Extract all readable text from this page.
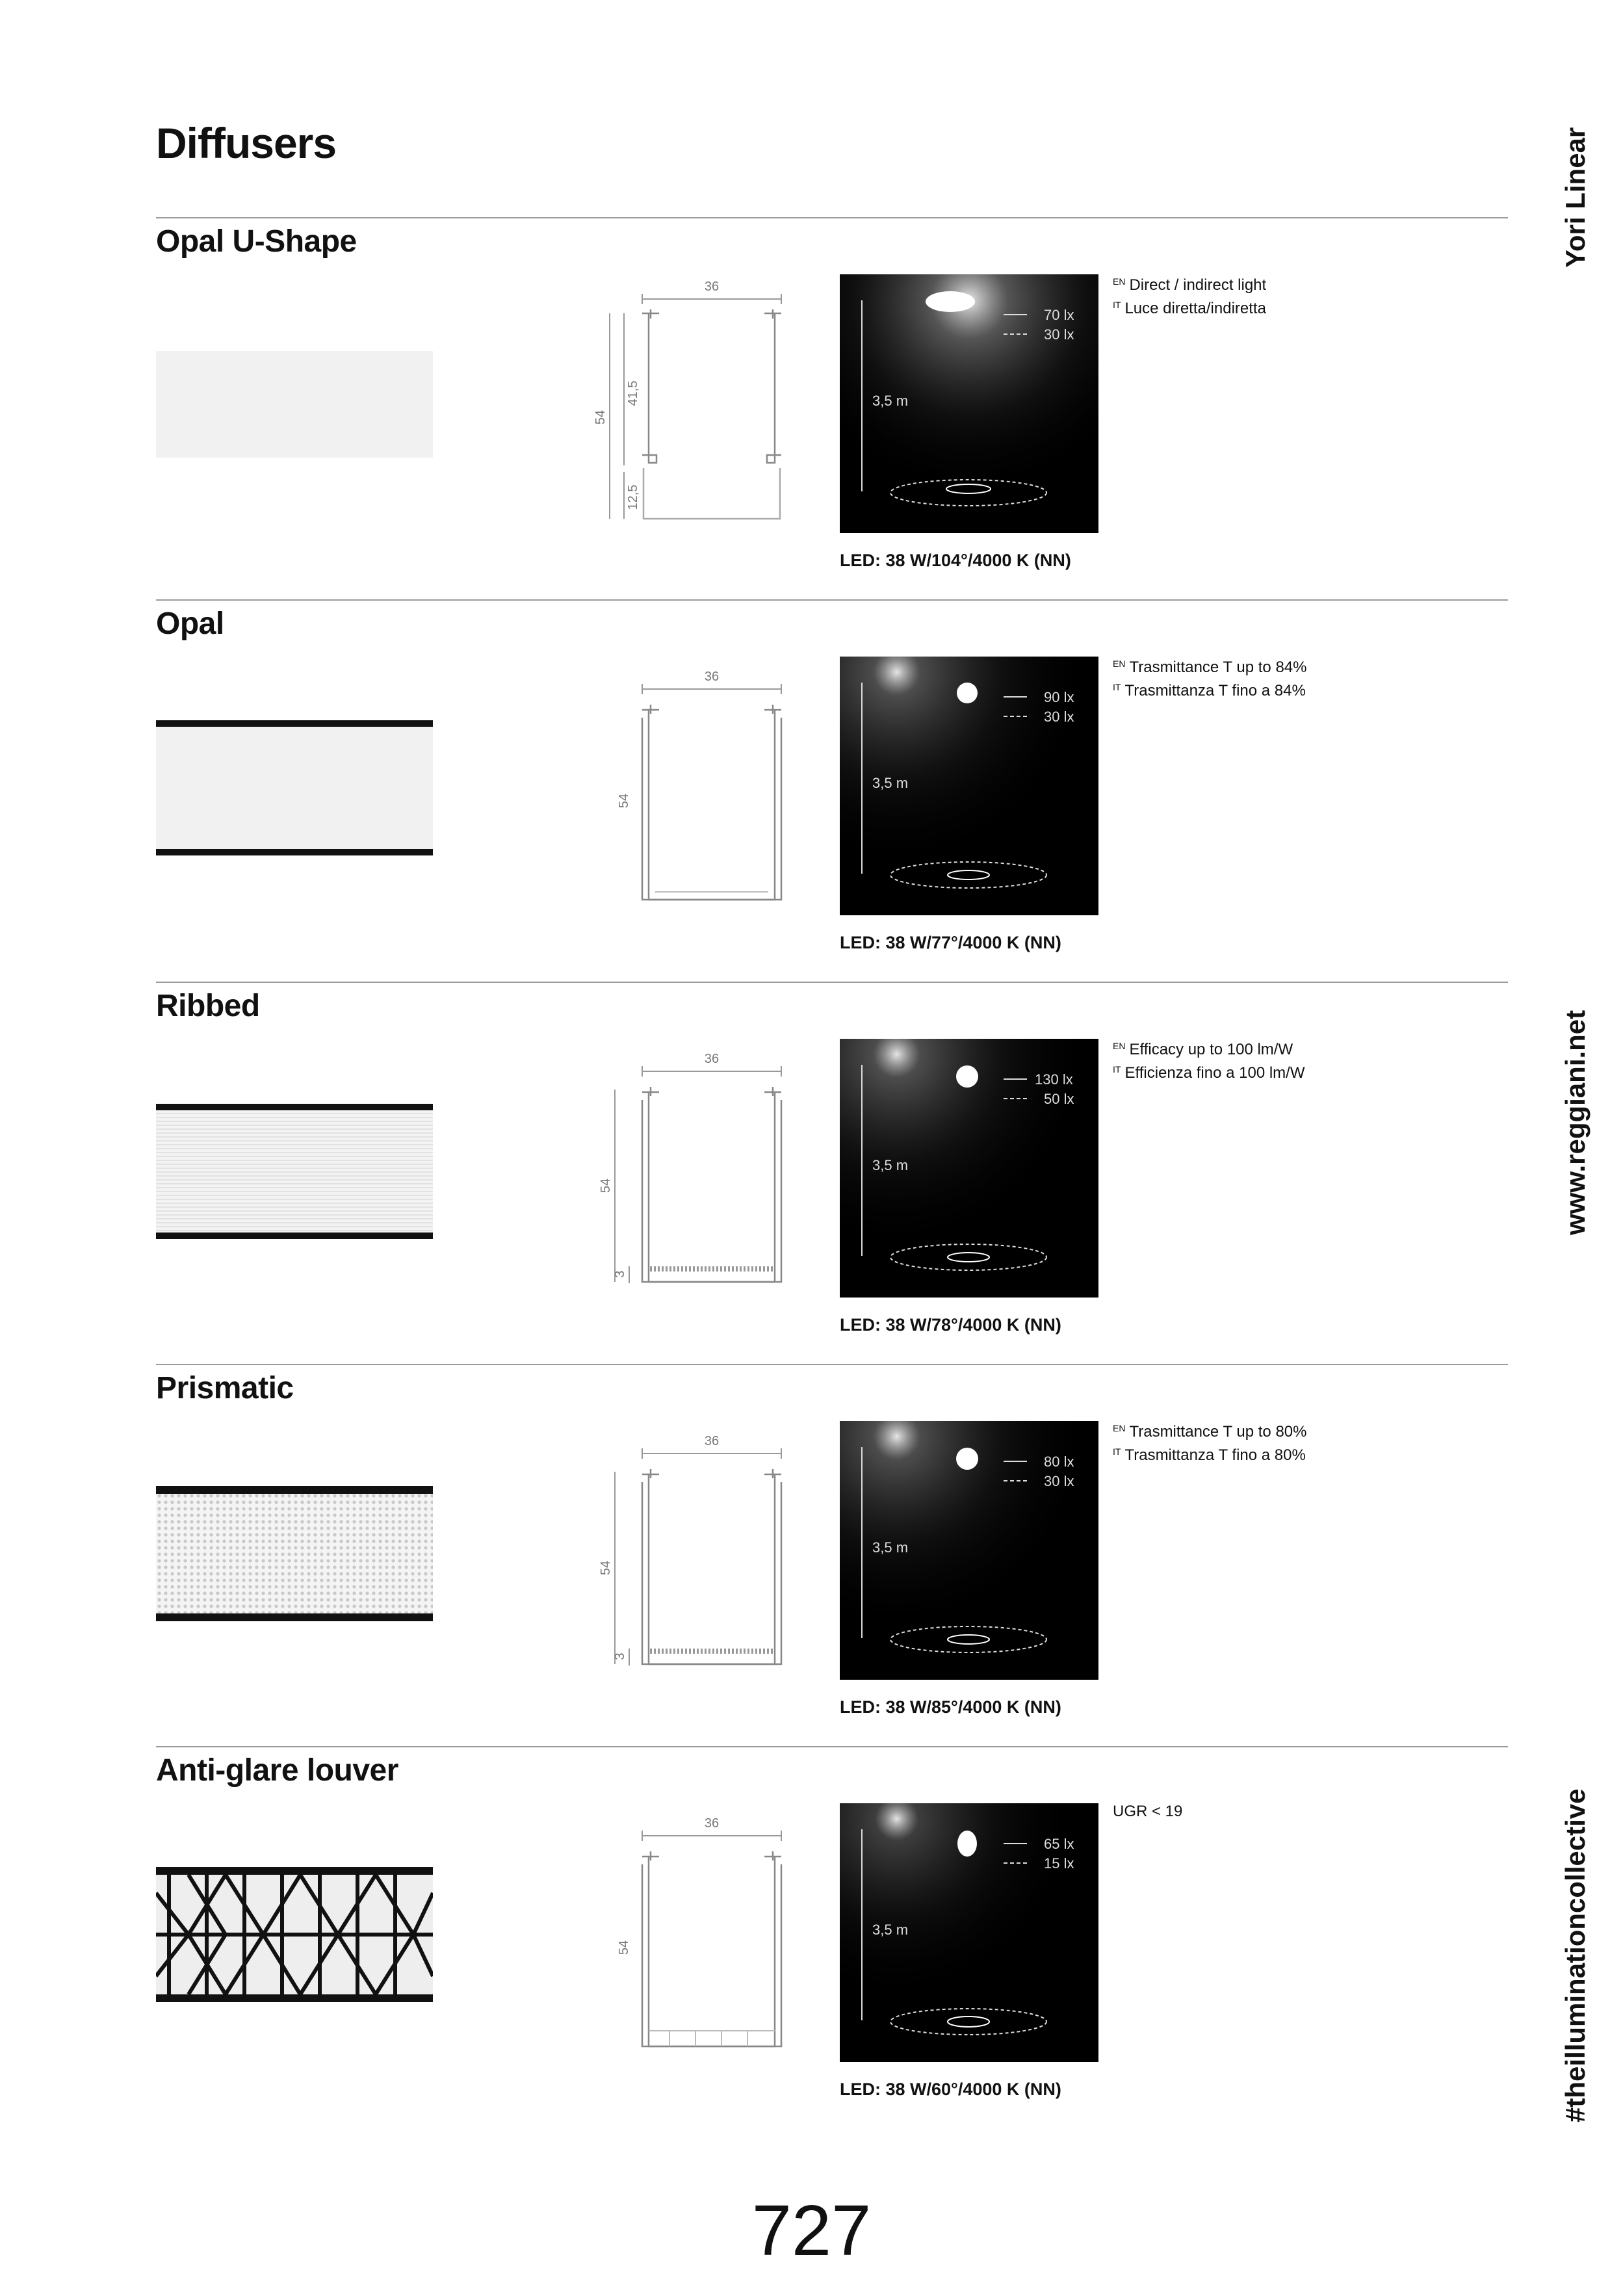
Diffusers	Yori Linear
www.reggiani.net
#theilluminationcollective
Opal U-Shape
36
54
41,5
12,5
70 lx
30 lx
3,5 m
LED: 38 W/104°/4000 K (NN)
$^{EN}$ Direct / indirect light
$^{IT}$ Luce diretta/indiretta
Opal
36
54
90 lx
30 lx
3,5 m
LED: 38 W/77°/4000 K (NN)
$^{EN}$ Trasmittance T up to 84%
$^{IT}$ Trasmittanza T fino a 84%
Ribbed
36
54
3
130 lx
50 lx
3,5 m
LED: 38 W/78°/4000 K (NN)
$^{EN}$ Efficacy up to 100 lm/W
$^{IT}$ Efficienza fino a 100 lm/W
Prismatic
36
54
3
80 lx
30 lx
3,5 m
LED: 38 W/85°/4000 K (NN)
$^{EN}$ Trasmittance T up to 80%
$^{IT}$ Trasmittanza T fino a 80%
Anti-glare louver
36
54
65 lx
15 lx
3,5 m
LED: 38 W/60°/4000 K (NN)
UGR < 19
727
